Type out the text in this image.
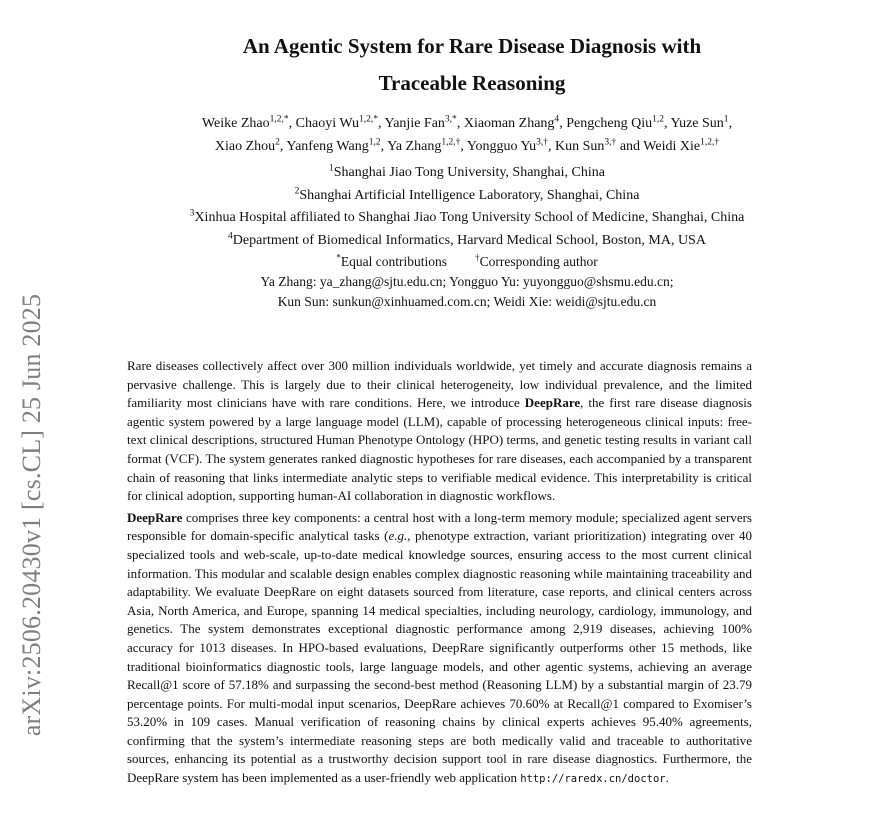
arXiv:2506.20430v1 [cs.CL] 25 Jun 2025
An Agentic System for Rare Disease Diagnosis with
Traceable Reasoning
Weike Zhao$^{1,2,*}$, Chaoyi $Wu^{1,2,*}$, Yanjie Fan$^{3,*}$, Xiaoman Zhang$^4$, Pengcheng Qiu$^{1,2}$, Yuze Sun$^1$,
Xiao Zhou$^2$, Yanfeng Wang$^{1,2}$, Ya Zhang$^{1,2,\dagger}$, Yongguo $Yu^{3,\dagger}$, Kun Sun$^{3,\dagger}$ and Weidi Xie$^{1,2,\dagger}$
$^1$Shanghai Jiao Tong University, Shanghai, China
$^2$Shanghai Artificial Intelligence Laboratory, Shanghai, China
$^3$Xinhua Hospital affiliated to Shanghai Jiao Tong University School of Medicine, Shanghai, China
$^4$Department of Biomedical Informatics, Harvard Medical School, Boston, MA, USA
*Equal contributions	†Corresponding author
Ya Zhang: ya_zhang@sjtu.edu.cn; Yongguo Yu: yuyongguo@shsmu.edu.cn;
Kun Sun: sunkun@xinhuamed.com.cn; Weidi Xie: weidi@sjtu.edu.cn

Rare diseases collectively affect over 300 million individuals worldwide, yet timely and accurate diagnosis remains a pervasive challenge. This is largely due to their clinical heterogeneity, low individual prevalence, and the limited familiarity most clinicians have with rare conditions. Here, we introduce DeepRare, the first rare disease diagnosis agentic system powered by a large language model (LLM), capable of processing heterogeneous clinical inputs: free-text clinical descriptions, structured Human Phenotype Ontology (HPO) terms, and genetic testing results in variant call format (VCF). The system generates ranked diagnostic hypotheses for rare diseases, each accompanied by a transparent chain of reasoning that links intermediate analytic steps to verifiable medical evidence. This interpretability is critical for clinical adoption, supporting human-AI collaboration in diagnostic workflows.

DeepRare comprises three key components: a central host with a long-term memory module; specialized agent servers responsible for domain-specific analytical tasks (e.g., phenotype extraction, variant prioritization) integrating over 40 specialized tools and web-scale, up-to-date medical knowledge sources, ensuring access to the most current clinical information. This modular and scalable design enables complex diagnostic reasoning while maintaining traceability and adaptability. We evaluate DeepRare on eight datasets sourced from literature, case reports, and clinical centers across Asia, North America, and Europe, spanning 14 medical specialties, including neurology, cardiology, immunology, and genetics. The system demonstrates exceptional diagnostic performance among 2,919 diseases, achieving 100% accuracy for 1013 diseases. In HPO-based evaluations, DeepRare significantly outperforms other 15 methods, like traditional bioinformatics diagnostic tools, large language models, and other agentic systems, achieving an average Recall@1 score of 57.18% and surpassing the second-best method (Reasoning LLM) by a substantial margin of 23.79 percentage points. For multi-modal input scenarios, DeepRare achieves 70.60% at Recall@1 compared to Exomiser’s 53.20% in 109 cases. Manual verification of reasoning chains by clinical experts achieves 95.40% agreements, confirming that the system’s intermediate reasoning steps are both medically valid and traceable to authoritative sources, enhancing its potential as a trustworthy decision support tool in rare disease diagnostics. Furthermore, the DeepRare system has been implemented as a user-friendly web application http://raredx.cn/doctor.
